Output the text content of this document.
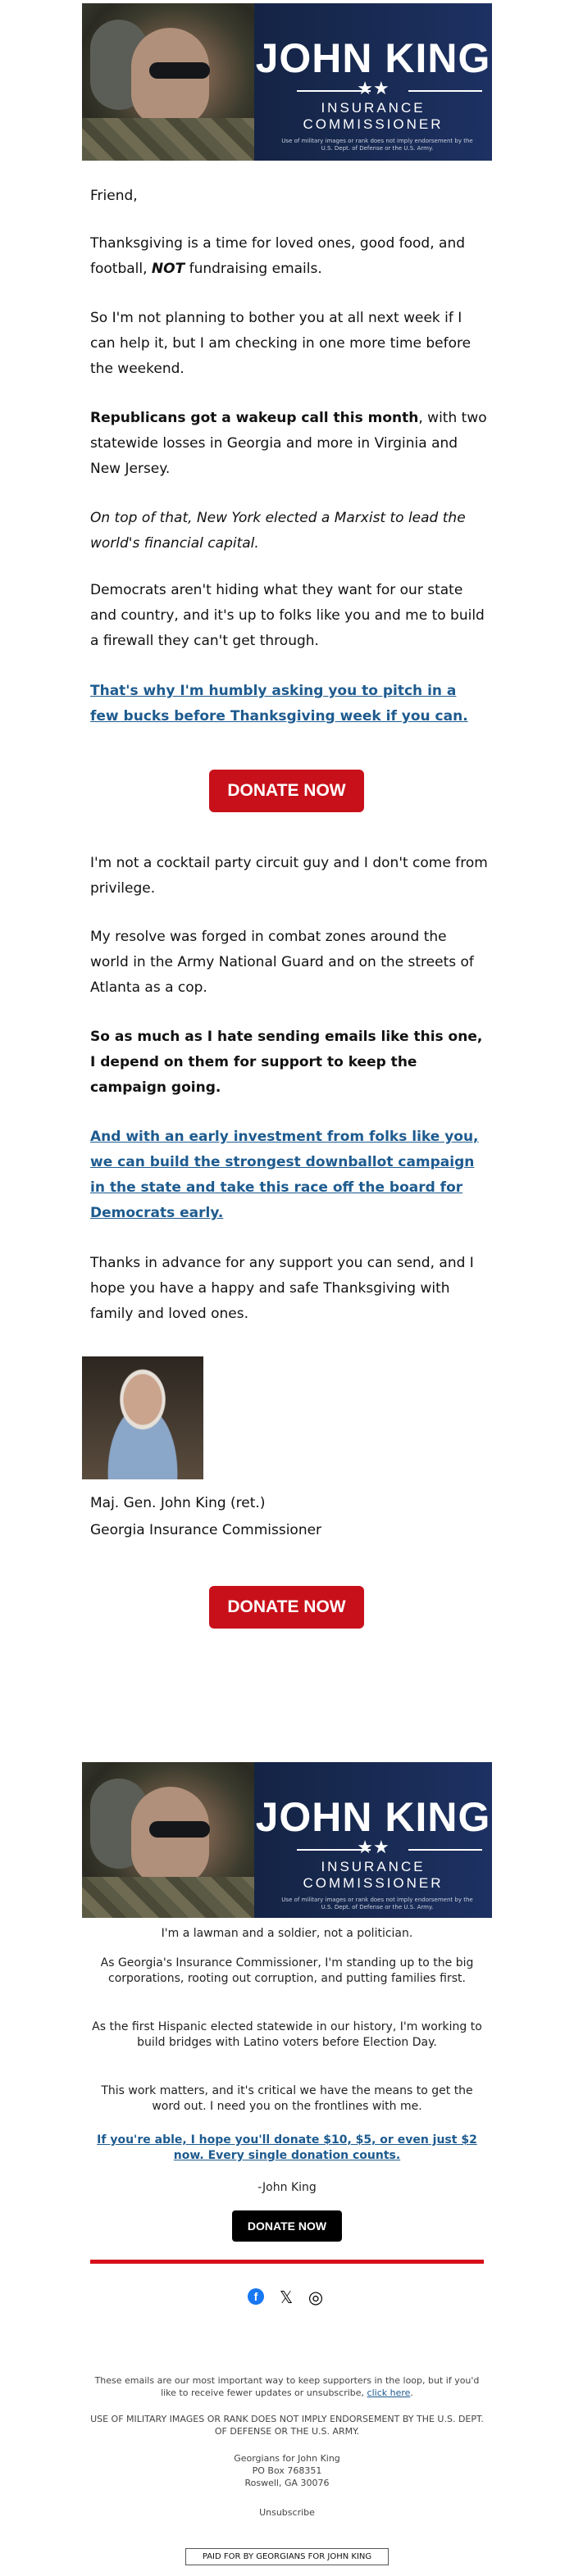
JOHN KING
★★
INSURANCE COMMISSIONER
Use of military images or rank does not imply endorsement by the U.S. Dept. of Defense or the U.S. Army.

Friend,

Thanksgiving is a time for loved ones, good food, and football, NOT fundraising emails.

So I'm not planning to bother you at all next week if I can help it, but I am checking in one more time before the weekend.

Republicans got a wakeup call this month, with two statewide losses in Georgia and more in Virginia and New Jersey.

On top of that, New York elected a Marxist to lead the world's financial capital.

Democrats aren't hiding what they want for our state and country, and it's up to folks like you and me to build a firewall they can't get through.

That's why I'm humbly asking you to pitch in a few bucks before Thanksgiving week if you can.

DONATE NOW

I'm not a cocktail party circuit guy and I don't come from privilege.

My resolve was forged in combat zones around the world in the Army National Guard and on the streets of Atlanta as a cop.

So as much as I hate sending emails like this one, I depend on them for support to keep the campaign going.

And with an early investment from folks like you, we can build the strongest downballot campaign in the state and take this race off the board for Democrats early.

Thanks in advance for any support you can send, and I hope you have a happy and safe Thanksgiving with family and loved ones.

Maj. Gen. John King (ret.)

Georgia Insurance Commissioner

DONATE NOW
JOHN KING
★★
INSURANCE COMMISSIONER
Use of military images or rank does not imply endorsement by the U.S. Dept. of Defense or the U.S. Army.

I'm a lawman and a soldier, not a politician.

As Georgia's Insurance Commissioner, I'm standing up to the big corporations, rooting out corruption, and putting families first.

As the first Hispanic elected statewide in our history, I'm working to build bridges with Latino voters before Election Day.

This work matters, and it's critical we have the means to get the word out. I need you on the frontlines with me.

If you're able, I hope you'll donate $10, $5, or even just $2 now. Every single donation counts.

-John King

DONATE NOW
f 𝕏 ◎

These emails are our most important way to keep supporters in the loop, but if you'd like to receive fewer updates or unsubscribe, click here.

USE OF MILITARY IMAGES OR RANK DOES NOT IMPLY ENDORSEMENT BY THE U.S. DEPT. OF DEFENSE OR THE U.S. ARMY.

Georgians for John King

PO Box 768351

Roswell, GA 30076

Unsubscribe

PAID FOR BY GEORGIANS FOR JOHN KING
